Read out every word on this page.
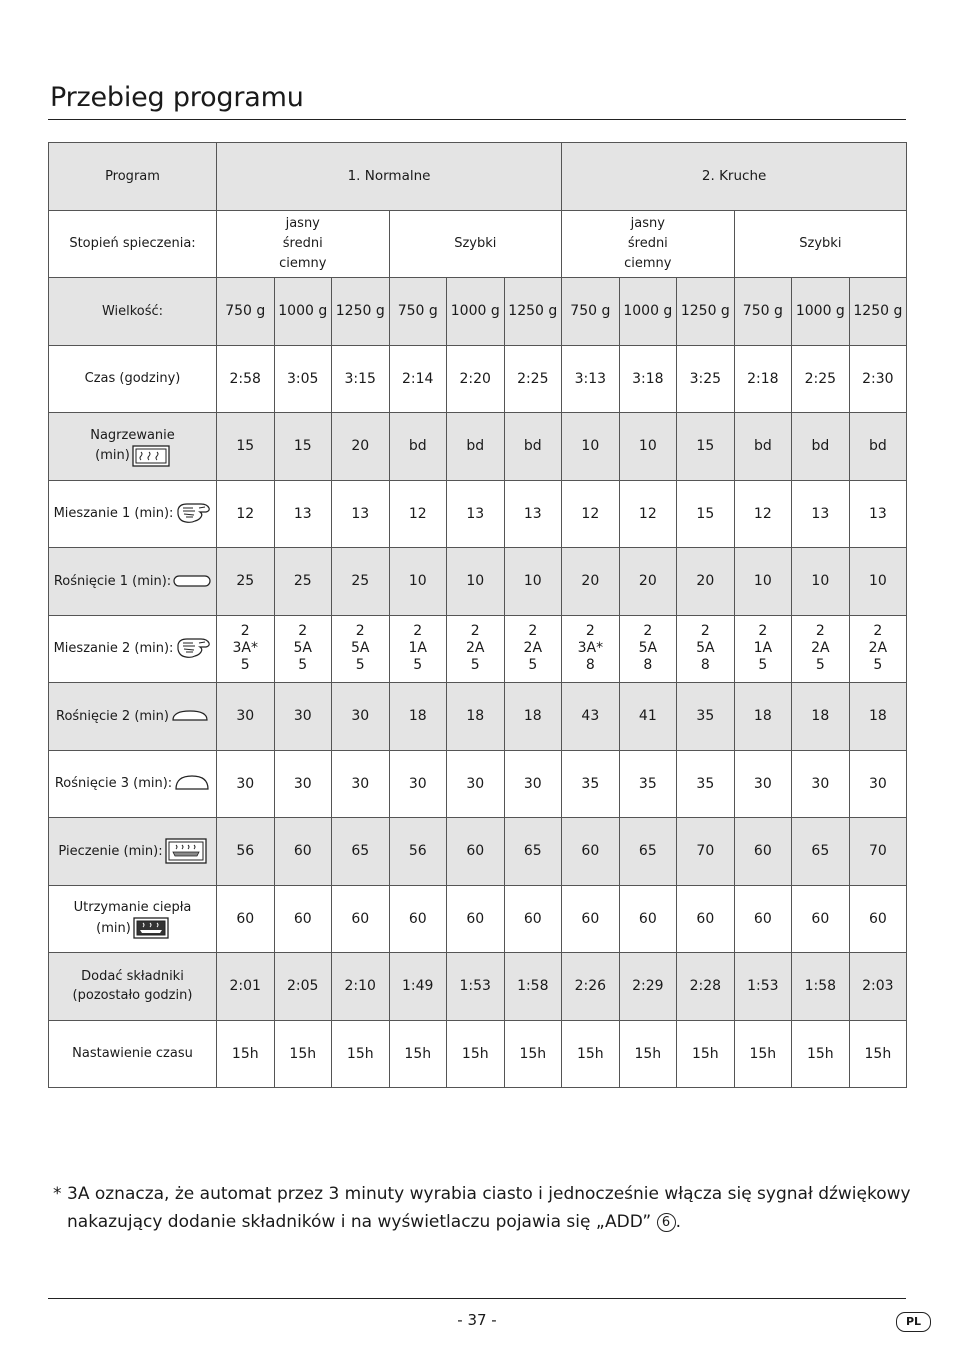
Przebieg programu
Program	1. Normalne						2. Kruche					
Stopień spieczenia:	jasny
średni
ciemny			Szybki			jasny
średni
ciemny			Szybki		
Wielkość:	750 g	1000 g	1250 g	750 g	1000 g	1250 g	750 g	1000 g	1250 g	750 g	1000 g	1250 g
Czas (godziny)	2:58	3:05	3:15	2:14	2:20	2:25	3:13	3:18	3:25	2:18	2:25	2:30

Nagrzewanie
(min)	15	15	20	bd	bd	bd	10	10	15	bd	bd	bd

Mieszanie 1 (min):	12	13	13	12	13	13	12	12	15	12	13	13

Rośnięcie 1 (min):	25	25	25	10	10	10	20	20	20	10	10	10

Mieszanie 2 (min):	2
3A*
5	2
5A
5	2
5A
5	2
1A
5	2
2A
5	2
2A
5	2
3A*
8	2
5A
8	2
5A
8	2
1A
5	2
2A
5	2
2A
5

Rośnięcie 2 (min)	30	30	30	18	18	18	43	41	35	18	18	18

Rośnięcie 3 (min):	30	30	30	30	30	30	35	35	35	30	30	30

Pieczenie (min):	56	60	65	56	60	65	60	65	70	60	65	70

Utrzymanie ciepła
(min)	60	60	60	60	60	60	60	60	60	60	60	60

Dodać składniki
(pozostało godzin)	2:01	2:05	2:10	1:49	1:53	1:58	2:26	2:29	2:28	1:53	1:58	2:03
Nastawienie czasu	15h	15h	15h	15h	15h	15h	15h	15h	15h	15h	15h	15h
* 3A oznacza, że automat przez 3 minuty wyrabia ciasto i jednocześnie włącza się sygnał dźwiękowy
nakazujący dodanie składników i na wyświetlaczu pojawia się „ADD” 6 .
- 37 -	PL
